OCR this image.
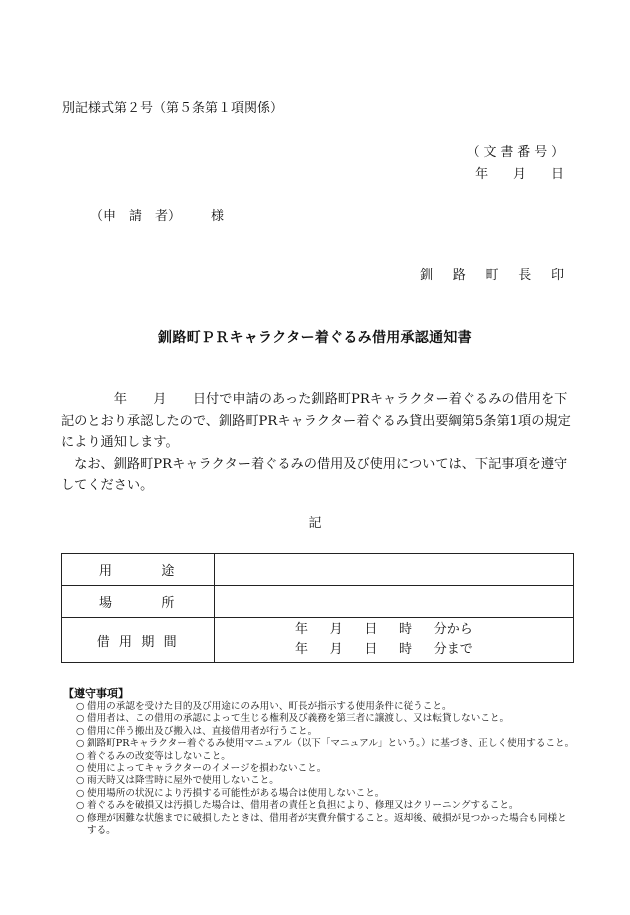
別記様式第２号（第５条第１項関係）
（文書番号）
年 月 日
（申　請　者） 様
釧 路 町 長 印
釧路町ＰＲキャラクター着ぐるみ借用承認通知書

　　　　年　　月　　日付で申請のあった釧路町PRキャラクター着ぐるみの借用を下記のとおり承認したので、釧路町PRキャラクター着ぐるみ貸出要綱第5条第1項の規定により通知します。

　なお、釧路町PRキャラクター着ぐるみの借用及び使用については、下記事項を遵守してください。

記
用　　　途	
場　　　所	
借 用 期 間	年 月 日 時 分から
年 月 日 時 分まで
【遵守事項】
○ 借用の承認を受けた目的及び用途にのみ用い、町長が指示する使用条件に従うこと。
○ 借用者は、この借用の承認によって生じる権利及び義務を第三者に譲渡し、又は転貸しないこと。
○ 借用に伴う搬出及び搬入は、直接借用者が行うこと。
○ 釧路町PRキャラクター着ぐるみ使用マニュアル（以下「マニュアル」という。）に基づき、正しく使用すること。
○ 着ぐるみの改変等はしないこと。
○ 使用によってキャラクターのイメージを損わないこと。
○ 雨天時又は降雪時に屋外で使用しないこと。
○ 使用場所の状況により汚損する可能性がある場合は使用しないこと。
○ 着ぐるみを破損又は汚損した場合は、借用者の責任と負担により、修理又はクリーニングすること。
○ 修理が困難な状態までに破損したときは、借用者が実費弁償すること。返却後、破損が見つかった場合も同様とする。
